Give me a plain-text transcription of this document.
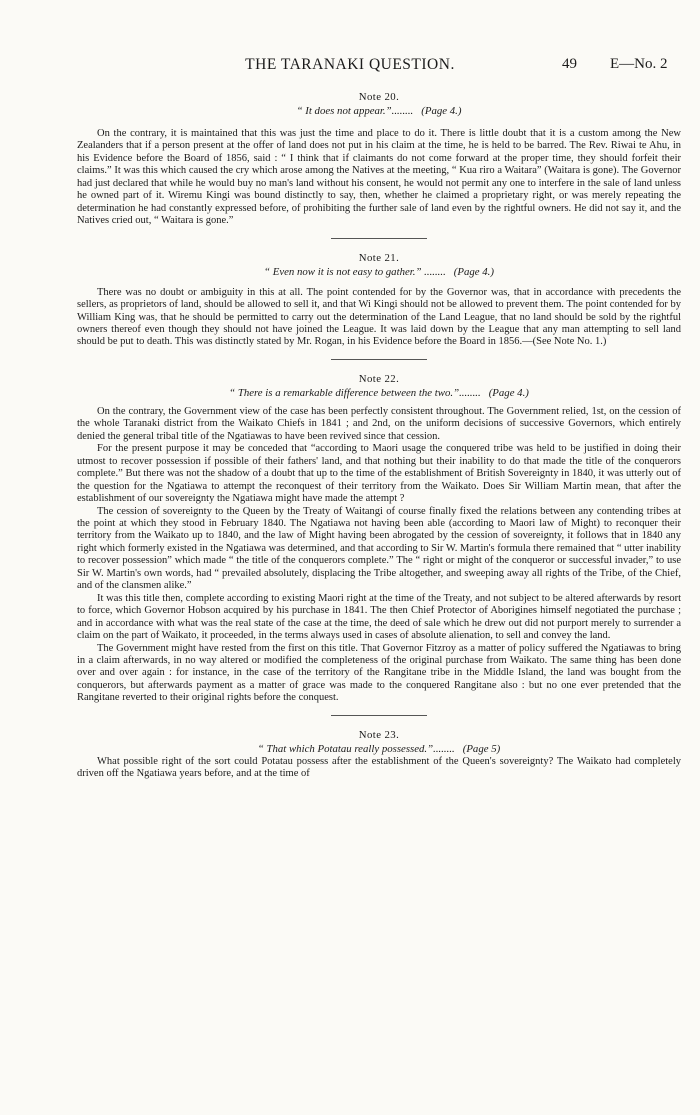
THE TARANAKI QUESTION.	49 E—No. 2
Note 20.
“ It does not appear.”........ (Page 4.)

On the contrary, it is maintained that this was just the time and place to do it. There is little doubt that it is a custom among the New Zealanders that if a person present at the offer of land does not put in his claim at the time, he is held to be barred. The Rev. Riwai te Ahu, in his Evidence before the Board of 1856, said : “ I think that if claimants do not come forward at the proper time, they should forfeit their claims.” It was this which caused the cry which arose among the Natives at the meeting, “ Kua riro a Waitara” (Waitara is gone). The Governor had just declared that while he would buy no man's land without his consent, he would not permit any one to interfere in the sale of land unless he owned part of it. Wiremu Kingi was bound distinctly to say, then, whether he claimed a proprietary right, or was merely repeating the determination he had constantly expressed before, of prohibiting the further sale of land even by the rightful owners. He did not say it, and the Natives cried out, “ Waitara is gone.”

Note 21.
“ Even now it is not easy to gather.” ........ (Page 4.)

There was no doubt or ambiguity in this at all. The point contended for by the Governor was, that in accordance with precedents the sellers, as proprietors of land, should be allowed to sell it, and that Wi Kingi should not be allowed to prevent them. The point contended for by William King was, that he should be permitted to carry out the determination of the Land League, that no land should be sold by the rightful owners thereof even though they should not have joined the League. It was laid down by the League that any man attempting to sell land should be put to death. This was distinctly stated by Mr. Rogan, in his Evidence before the Board in 1856.—(See Note No. 1.)

Note 22.
“ There is a remarkable difference between the two.”........ (Page 4.)

On the contrary, the Government view of the case has been perfectly consistent throughout. The Government relied, 1st, on the cession of the whole Taranaki district from the Waikato Chiefs in 1841 ; and 2nd, on the uniform decisions of successive Governors, which entirely denied the general tribal title of the Ngatiawas to have been revived since that cession.

For the present purpose it may be conceded that “according to Maori usage the conquered tribe was held to be justified in doing their utmost to recover possession if possible of their fathers' land, and that nothing but their inability to do that made the title of the conquerors complete.” But there was not the shadow of a doubt that up to the time of the establishment of British Sovereignty in 1840, it was utterly out of the question for the Ngatiawa to attempt the reconquest of their territory from the Waikato. Does Sir William Martin mean, that after the establishment of our sovereignty the Ngatiawa might have made the attempt ?

The cession of sovereignty to the Queen by the Treaty of Waitangi of course finally fixed the relations between any contending tribes at the point at which they stood in February 1840. The Ngatiawa not having been able (according to Maori law of Might) to reconquer their territory from the Waikato up to 1840, and the law of Might having been abrogated by the cession of sovereignty, it follows that in 1840 any right which formerly existed in the Ngatiawa was determined, and that according to Sir W. Martin's formula there remained that “ utter inability to recover possession” which made “ the title of the conquerors complete.” The “ right or might of the conqueror or successful invader,” to use Sir W. Martin's own words, had “ prevailed absolutely, displacing the Tribe altogether, and sweeping away all rights of the Tribe, of the Chief, and of the clansmen alike.”

It was this title then, complete according to existing Maori right at the time of the Treaty, and not subject to be altered afterwards by resort to force, which Governor Hobson acquired by his purchase in 1841. The then Chief Protector of Aborigines himself negotiated the purchase ; and in accordance with what was the real state of the case at the time, the deed of sale which he drew out did not purport merely to surrender a claim on the part of Waikato, it proceeded, in the terms always used in cases of absolute alienation, to sell and convey the land.

The Government might have rested from the first on this title. That Governor Fitzroy as a matter of policy suffered the Ngatiawas to bring in a claim afterwards, in no way altered or modified the completeness of the original purchase from Waikato. The same thing has been done over and over again : for instance, in the case of the territory of the Rangitane tribe in the Middle Island, the land was bought from the conquerors, but afterwards payment as a matter of grace was made to the conquered Rangitane also : but no one ever pretended that the Rangitane reverted to their original rights before the conquest.

Note 23.
“ That which Potatau really possessed.”........ (Page 5)

What possible right of the sort could Potatau possess after the establishment of the Queen's sovereignty? The Waikato had completely driven off the Ngatiawa years before, and at the time of
